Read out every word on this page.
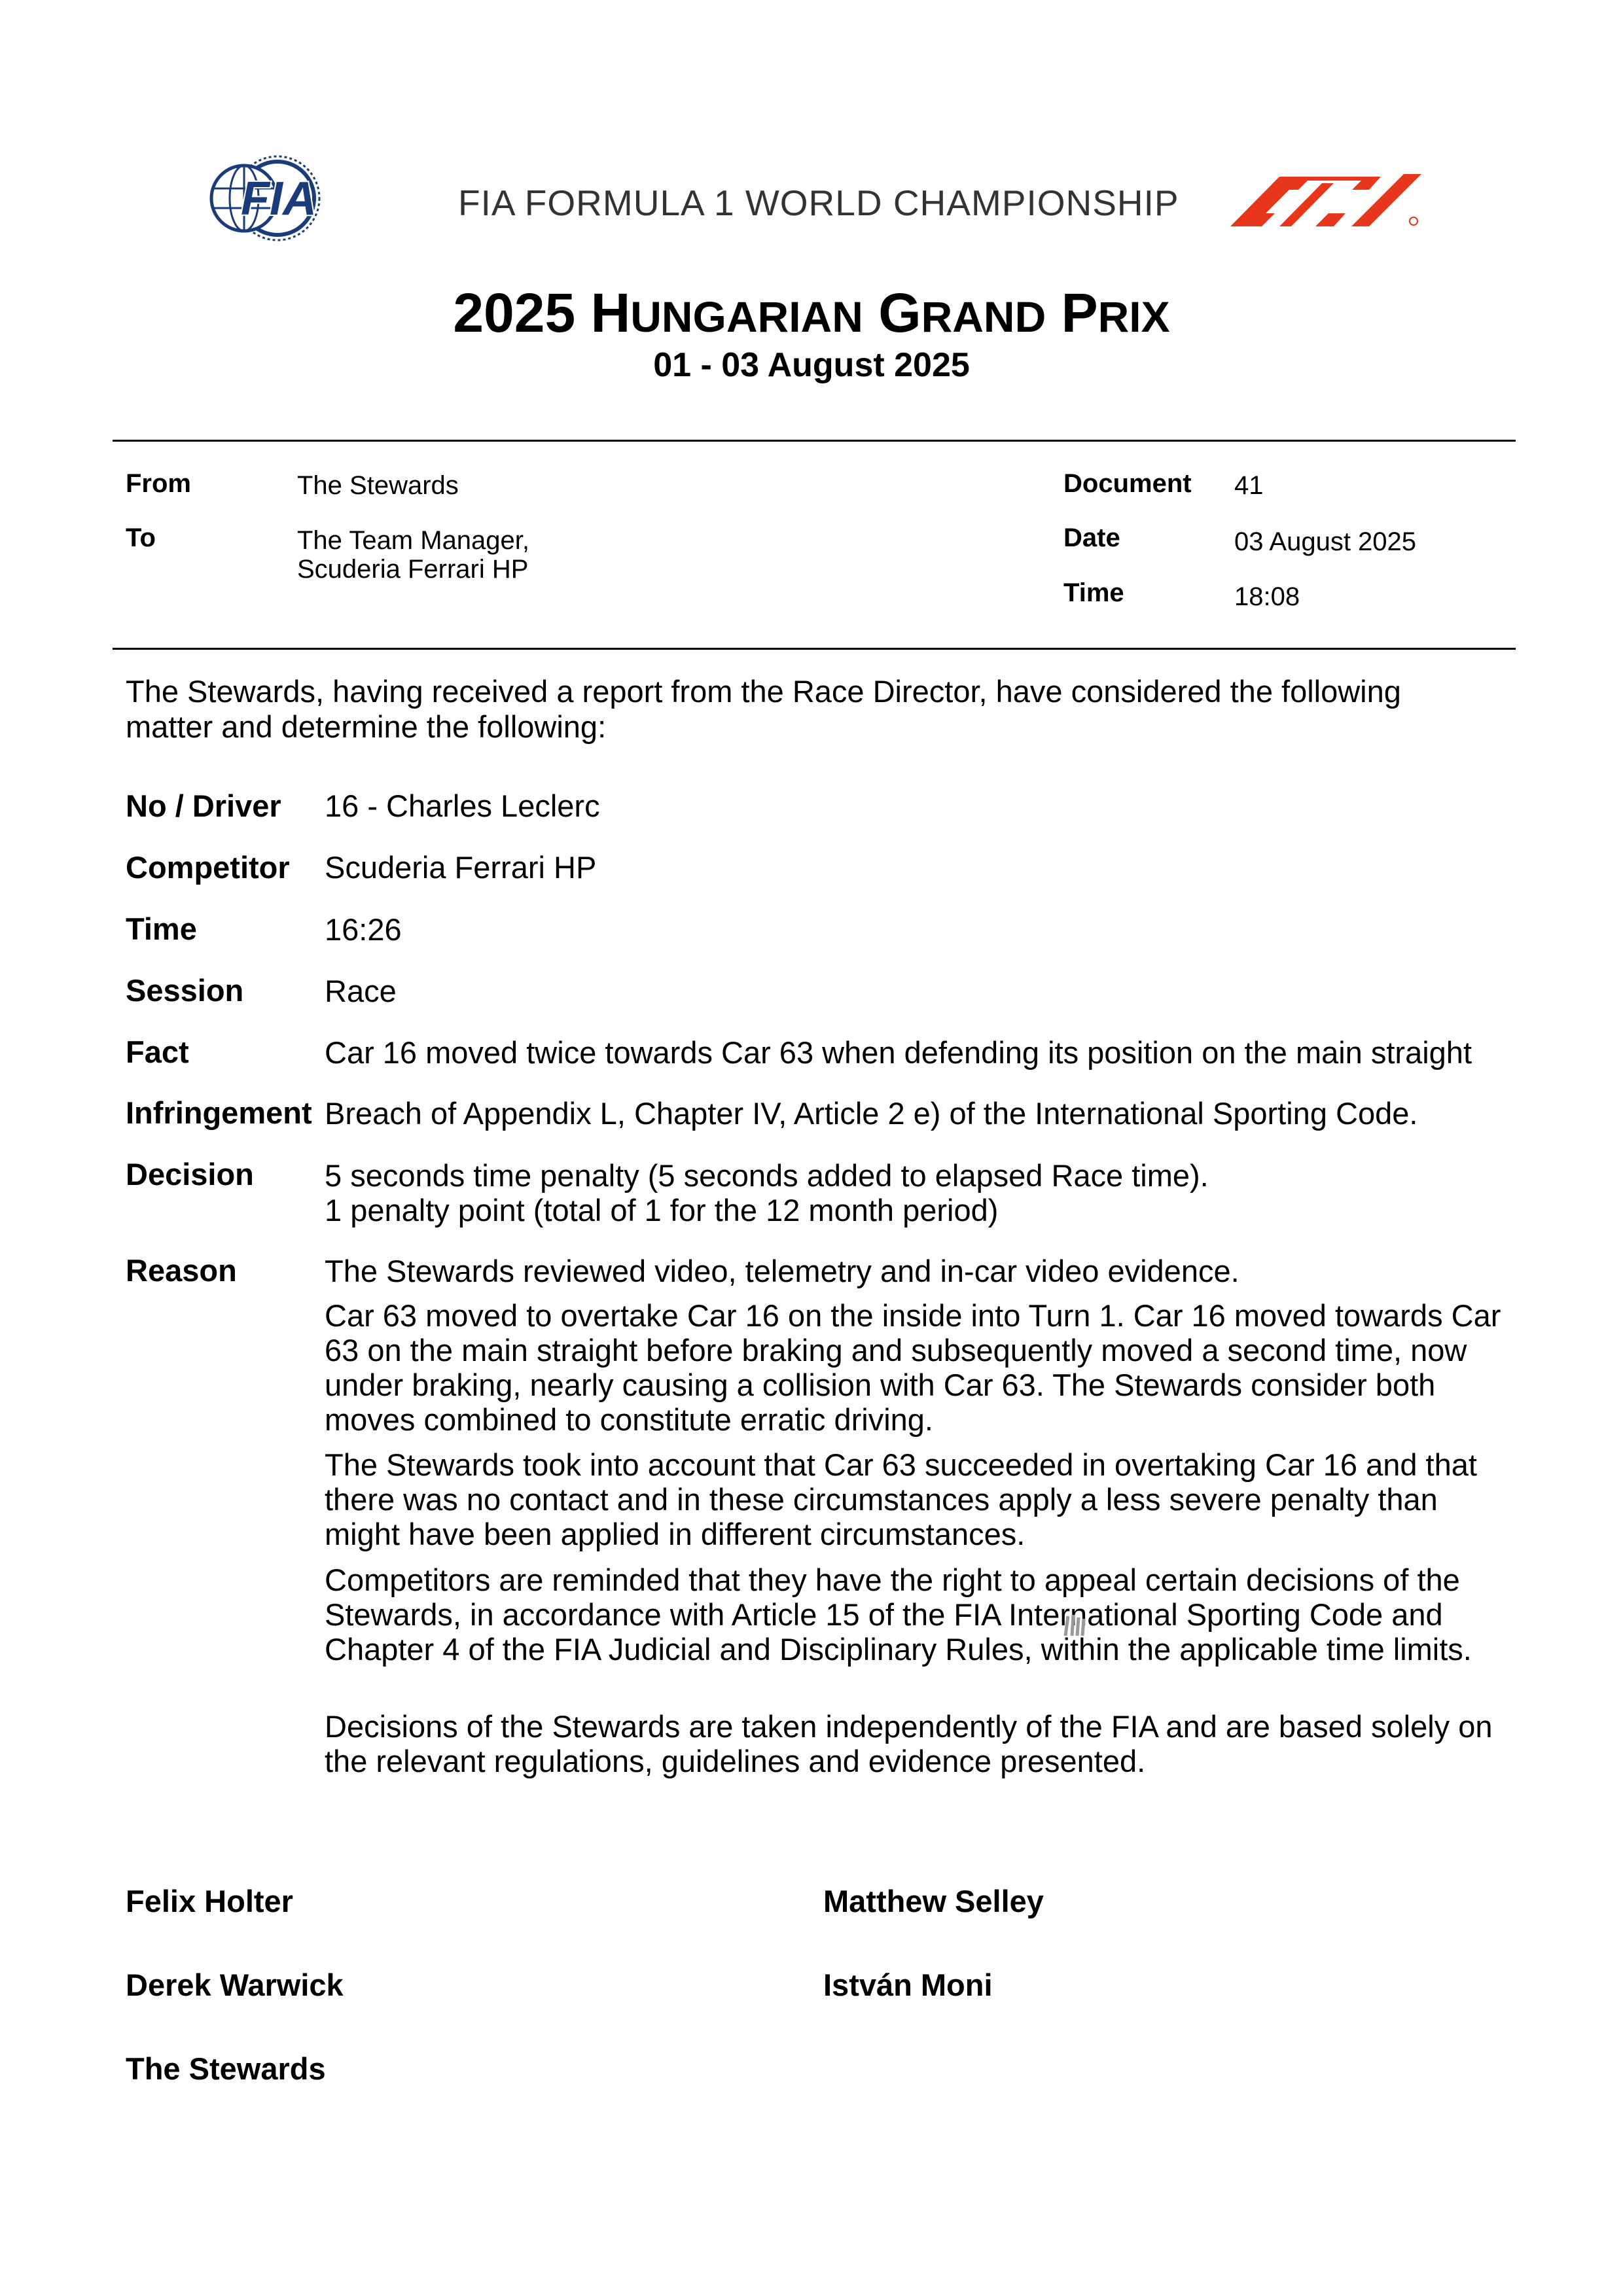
FIA	FIA FORMULA 1 WORLD CHAMPIONSHIP
2025 HUNGARIAN GRAND PRIX
01 - 03 August 2025
From	The Stewards
To	The Team Manager,
Scuderia Ferrari HP
Document 41
Date	03 August 2025
Time	18:08
The Stewards, having received a report from the Race Director, have considered the following matter and determine the following:
No / Driver 16 - Charles Leclerc
Competitor Scuderia Ferrari HP
Time	16:26
Session	Race
Fact	Car 16 moved twice towards Car 63 when defending its position on the main straight
Infringement Breach of Appendix L, Chapter IV, Article 2 e) of the International Sporting Code.
Decision 5 seconds time penalty (5 seconds added to elapsed Race time).
1 penalty point (total of 1 for the 12 month period)
Reason	The Stewards reviewed video, telemetry and in-car video evidence.
Car 63 moved to overtake Car 16 on the inside into Turn 1. Car 16 moved towards Car 63 on the main straight before braking and subsequently moved a second time, now under braking, nearly causing a collision with Car 63. The Stewards consider both moves combined to constitute erratic driving.
The Stewards took into account that Car 63 succeeded in overtaking Car 16 and that there was no contact and in these circumstances apply a less severe penalty than might have been applied in different circumstances.
Competitors are reminded that they have the right to appeal certain decisions of the Stewards, in accordance with Article 15 of the FIA International Sporting Code and Chapter 4 of the FIA Judicial and Disciplinary Rules, within the applicable time limits.
Decisions of the Stewards are taken independently of the FIA and are based solely on the relevant regulations, guidelines and evidence presented.
Felix Holter	Matthew Selley
Derek Warwick	István Moni
The Stewards
